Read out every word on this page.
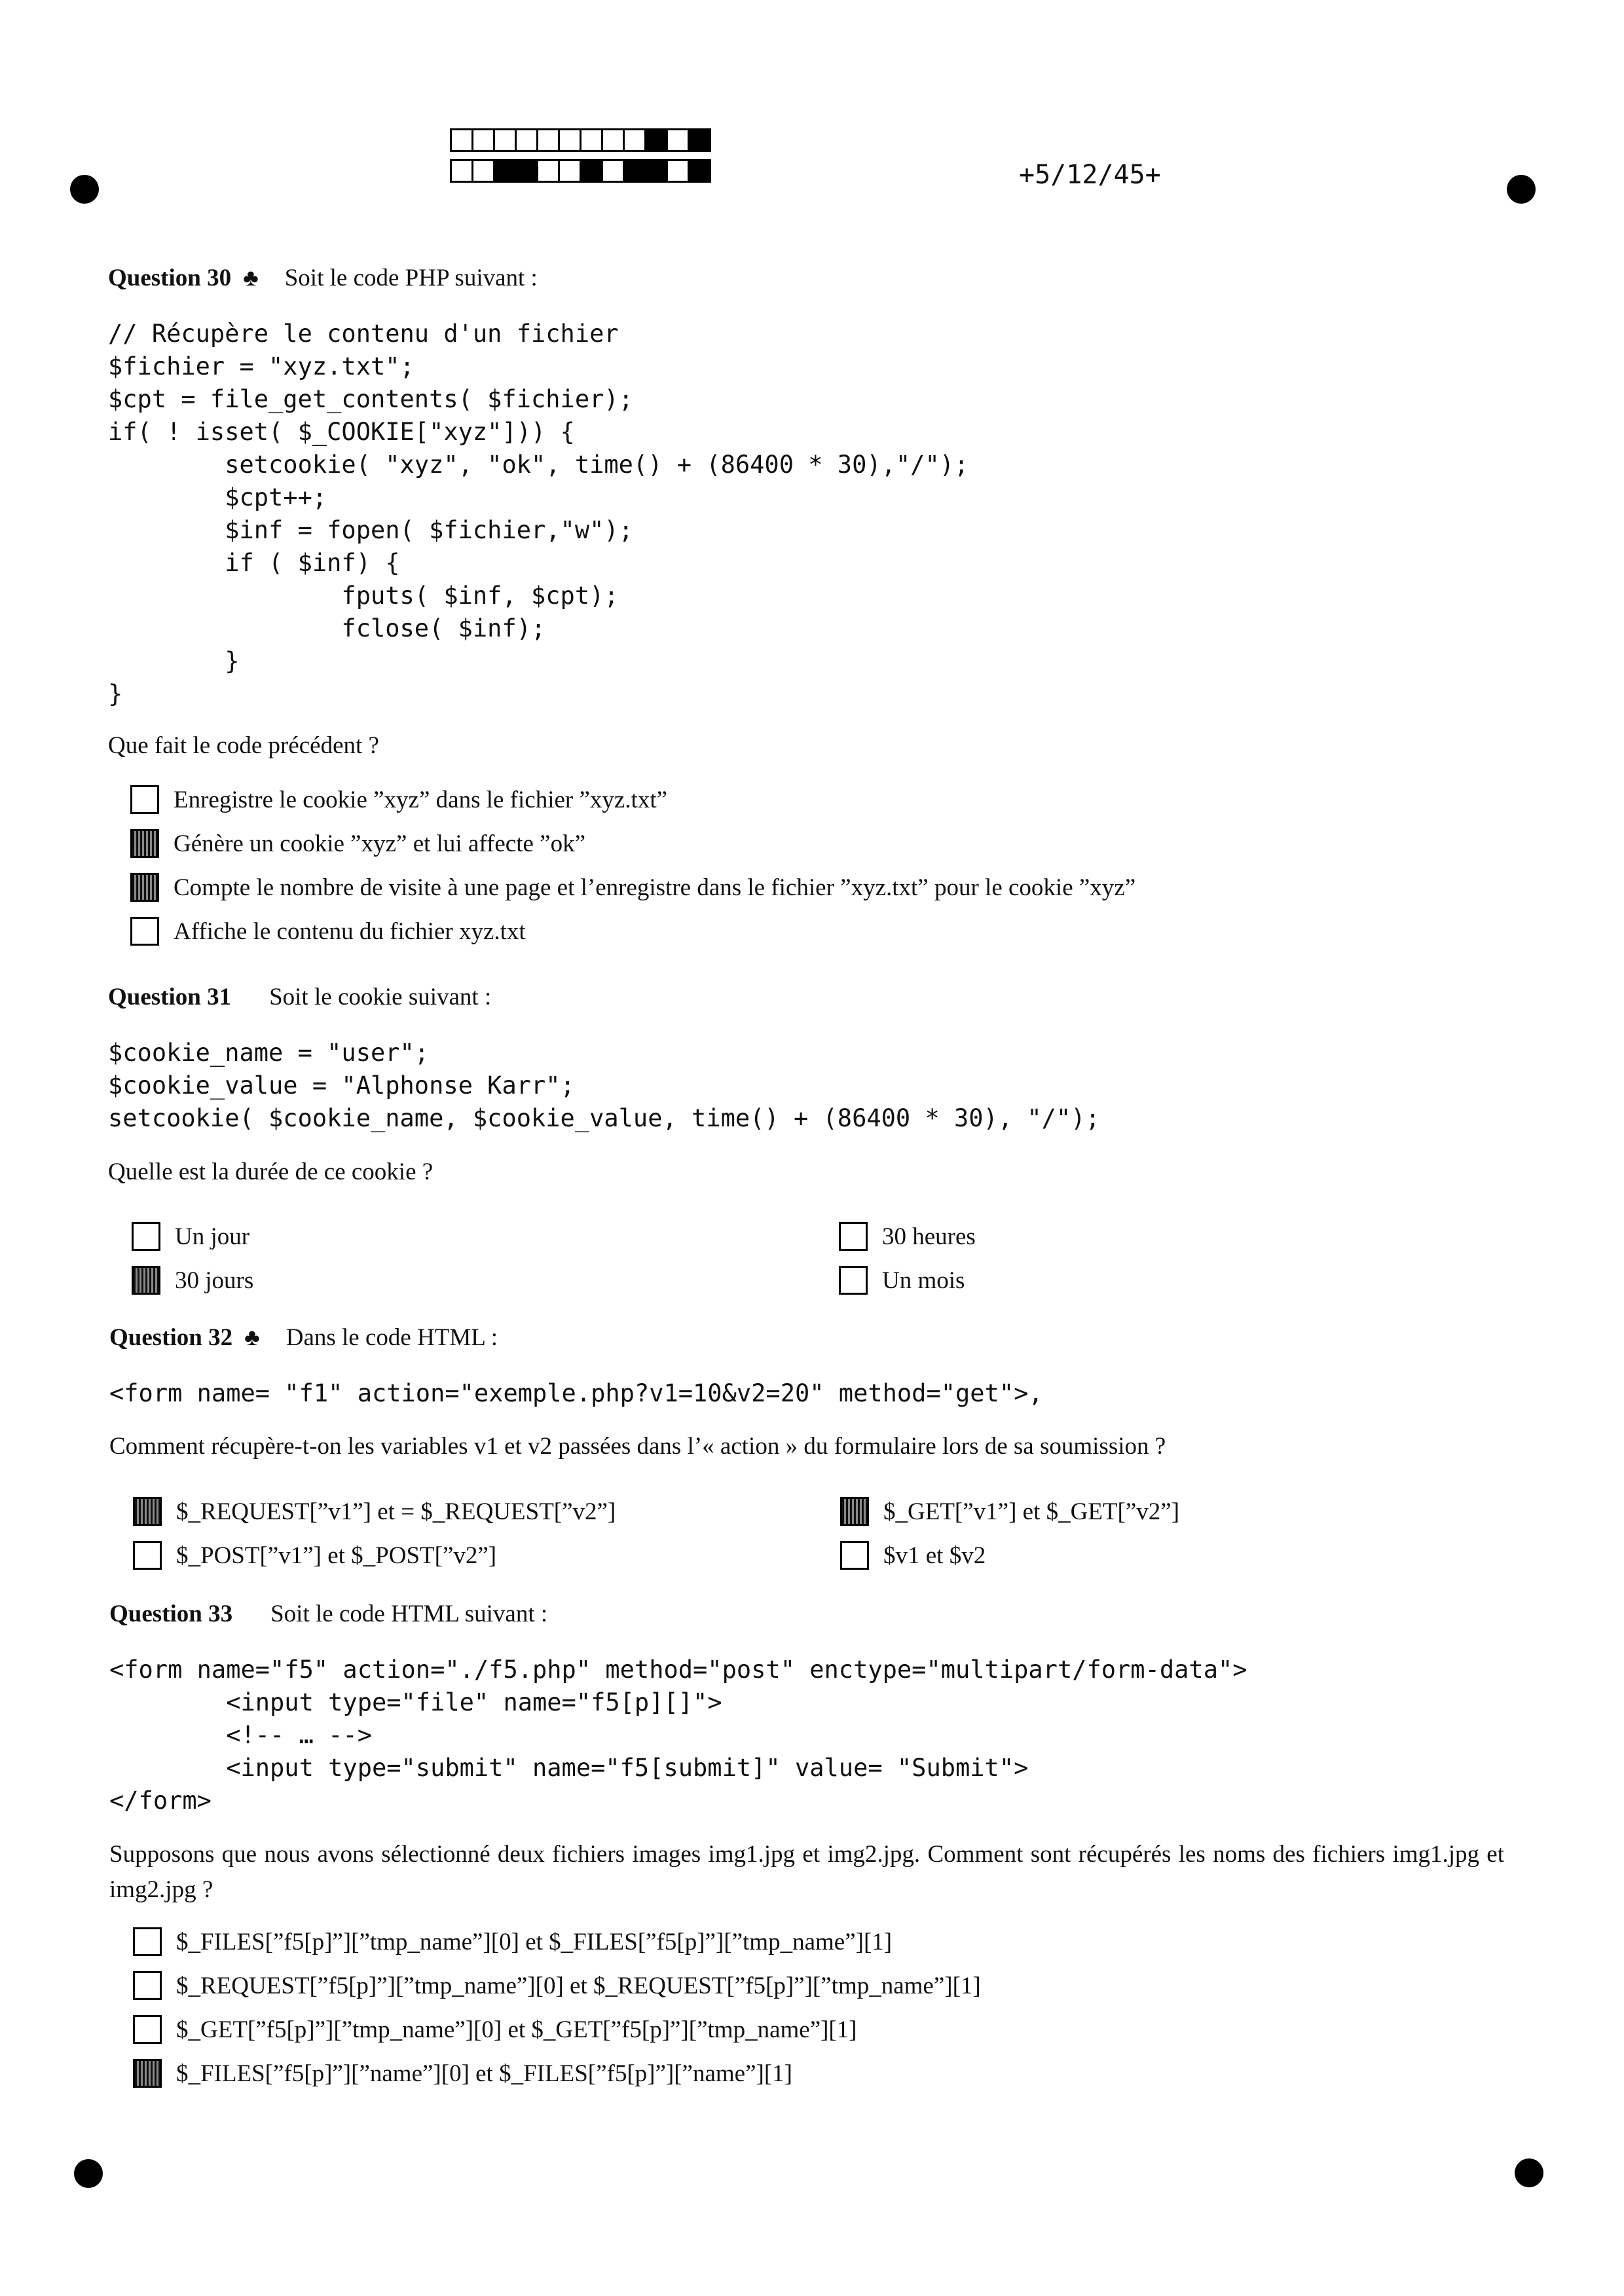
+5/12/45+
Question 30 ♣ Soit le code PHP suivant :
// Récupère le contenu d'un fichier
$fichier = "xyz.txt";
$cpt = file_get_contents( $fichier);
if( ! isset( $_COOKIE["xyz"])) {
setcookie( "xyz", "ok", time() + (86400 * 30),"/");
$cpt++;
$inf = fopen( $fichier,"w");
if ( $inf) {
fputs( $inf, $cpt);
fclose( $inf);
}
}
Que fait le code précédent ?
Enregistre le cookie ”xyz” dans le fichier ”xyz.txt”
Génère un cookie ”xyz” et lui affecte ”ok”
Compte le nombre de visite à une page et l’enregistre dans le fichier ”xyz.txt” pour le cookie ”xyz”
Affiche le contenu du fichier xyz.txt
Question 31 Soit le cookie suivant :
$cookie_name = "user";
$cookie_value = "Alphonse Karr";
setcookie( $cookie_name, $cookie_value, time() + (86400 * 30), "/");
Quelle est la durée de ce cookie ?
Un jour	30 heures
30 jours	Un mois
Question 32 ♣ Dans le code HTML :
<form name= "f1" action="exemple.php?v1=10&v2=20" method="get">,
Comment récupère-t-on les variables v1 et v2 passées dans l’« action » du formulaire lors de sa soumission ?
$_REQUEST[”v1”] et = $_REQUEST[”v2”]	$_GET[”v1”] et $_GET[”v2”]
$_POST[”v1”] et $_POST[”v2”]	$v1 et $v2
Question 33 Soit le code HTML suivant :
<form name="f5" action="./f5.php" method="post" enctype="multipart/form-data">
<input type="file" name="f5[p][]">
<!-- … -->
<input type="submit" name="f5[submit]" value= "Submit">
</form>
Supposons que nous avons sélectionné deux fichiers images img1.jpg et img2.jpg. Comment sont récupérés les noms des fichiers img1.jpg et img2.jpg ?
$_FILES[”f5[p]”][”tmp_name”][0] et $_FILES[”f5[p]”][”tmp_name”][1]
$_REQUEST[”f5[p]”][”tmp_name”][0] et $_REQUEST[”f5[p]”][”tmp_name”][1]
$_GET[”f5[p]”][”tmp_name”][0] et $_GET[”f5[p]”][”tmp_name”][1]
$_FILES[”f5[p]”][”name”][0] et $_FILES[”f5[p]”][”name”][1]
